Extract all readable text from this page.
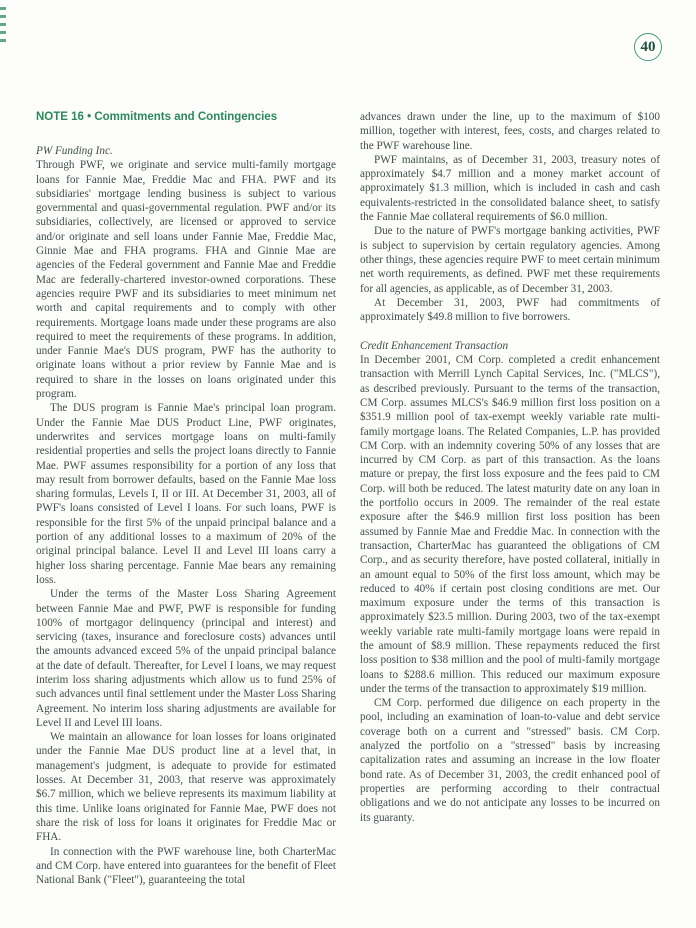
40
NOTE 16 • Commitments and Contingencies

PW Funding Inc.

Through PWF, we originate and service multi-family mortgage loans for Fannie Mae, Freddie Mac and FHA. PWF and its subsidiaries' mortgage lending business is subject to various governmental and quasi-governmental regulation. PWF and/or its subsidiaries, collectively, are licensed or approved to service and/or originate and sell loans under Fannie Mae, Freddie Mac, Ginnie Mae and FHA programs. FHA and Ginnie Mae are agencies of the Federal government and Fannie Mae and Freddie Mac are federally-chartered investor-owned corporations. These agencies require PWF and its subsidiaries to meet minimum net worth and capital requirements and to comply with other requirements. Mortgage loans made under these programs are also required to meet the requirements of these programs. In addition, under Fannie Mae's DUS program, PWF has the authority to originate loans without a prior review by Fannie Mae and is required to share in the losses on loans originated under this program.

The DUS program is Fannie Mae's principal loan program. Under the Fannie Mae DUS Product Line, PWF originates, underwrites and services mortgage loans on multi-family residential properties and sells the project loans directly to Fannie Mae. PWF assumes responsibility for a portion of any loss that may result from borrower defaults, based on the Fannie Mae loss sharing formulas, Levels I, II or III. At December 31, 2003, all of PWF's loans consisted of Level I loans. For such loans, PWF is responsible for the first 5% of the unpaid principal balance and a portion of any additional losses to a maximum of 20% of the original principal balance. Level II and Level III loans carry a higher loss sharing percentage. Fannie Mae bears any remaining loss.

Under the terms of the Master Loss Sharing Agreement between Fannie Mae and PWF, PWF is responsible for funding 100% of mortgagor delinquency (principal and interest) and servicing (taxes, insurance and foreclosure costs) advances until the amounts advanced exceed 5% of the unpaid principal balance at the date of default. Thereafter, for Level I loans, we may request interim loss sharing adjustments which allow us to fund 25% of such advances until final settlement under the Master Loss Sharing Agreement. No interim loss sharing adjustments are available for Level II and Level III loans.

We maintain an allowance for loan losses for loans originated under the Fannie Mae DUS product line at a level that, in management's judgment, is adequate to provide for estimated losses. At December 31, 2003, that reserve was approximately $6.7 million, which we believe represents its maximum liability at this time. Unlike loans originated for Fannie Mae, PWF does not share the risk of loss for loans it originates for Freddie Mac or FHA.

In connection with the PWF warehouse line, both CharterMac and CM Corp. have entered into guarantees for the benefit of Fleet National Bank ("Fleet"), guaranteeing the total

advances drawn under the line, up to the maximum of $100 million, together with interest, fees, costs, and charges related to the PWF warehouse line.

PWF maintains, as of December 31, 2003, treasury notes of approximately $4.7 million and a money market account of approximately $1.3 million, which is included in cash and cash equivalents-restricted in the consolidated balance sheet, to satisfy the Fannie Mae collateral requirements of $6.0 million.

Due to the nature of PWF's mortgage banking activities, PWF is subject to supervision by certain regulatory agencies. Among other things, these agencies require PWF to meet certain minimum net worth requirements, as defined. PWF met these requirements for all agencies, as applicable, as of December 31, 2003.

At December 31, 2003, PWF had commitments of approximately $49.8 million to five borrowers.

Credit Enhancement Transaction

In December 2001, CM Corp. completed a credit enhancement transaction with Merrill Lynch Capital Services, Inc. ("MLCS"), as described previously. Pursuant to the terms of the transaction, CM Corp. assumes MLCS's $46.9 million first loss position on a $351.9 million pool of tax-exempt weekly variable rate multi-family mortgage loans. The Related Companies, L.P. has provided CM Corp. with an indemnity covering 50% of any losses that are incurred by CM Corp. as part of this transaction. As the loans mature or prepay, the first loss exposure and the fees paid to CM Corp. will both be reduced. The latest maturity date on any loan in the portfolio occurs in 2009. The remainder of the real estate exposure after the $46.9 million first loss position has been assumed by Fannie Mae and Freddie Mac. In connection with the transaction, CharterMac has guaranteed the obligations of CM Corp., and as security therefore, have posted collateral, initially in an amount equal to 50% of the first loss amount, which may be reduced to 40% if certain post closing conditions are met. Our maximum exposure under the terms of this transaction is approximately $23.5 million. During 2003, two of the tax-exempt weekly variable rate multi-family mortgage loans were repaid in the amount of $8.9 million. These repayments reduced the first loss position to $38 million and the pool of multi-family mortgage loans to $288.6 million. This reduced our maximum exposure under the terms of the transaction to approximately $19 million.

CM Corp. performed due diligence on each property in the pool, including an examination of loan-to-value and debt service coverage both on a current and "stressed" basis. CM Corp. analyzed the portfolio on a "stressed" basis by increasing capitalization rates and assuming an increase in the low floater bond rate. As of December 31, 2003, the credit enhanced pool of properties are performing according to their contractual obligations and we do not anticipate any losses to be incurred on its guaranty.
